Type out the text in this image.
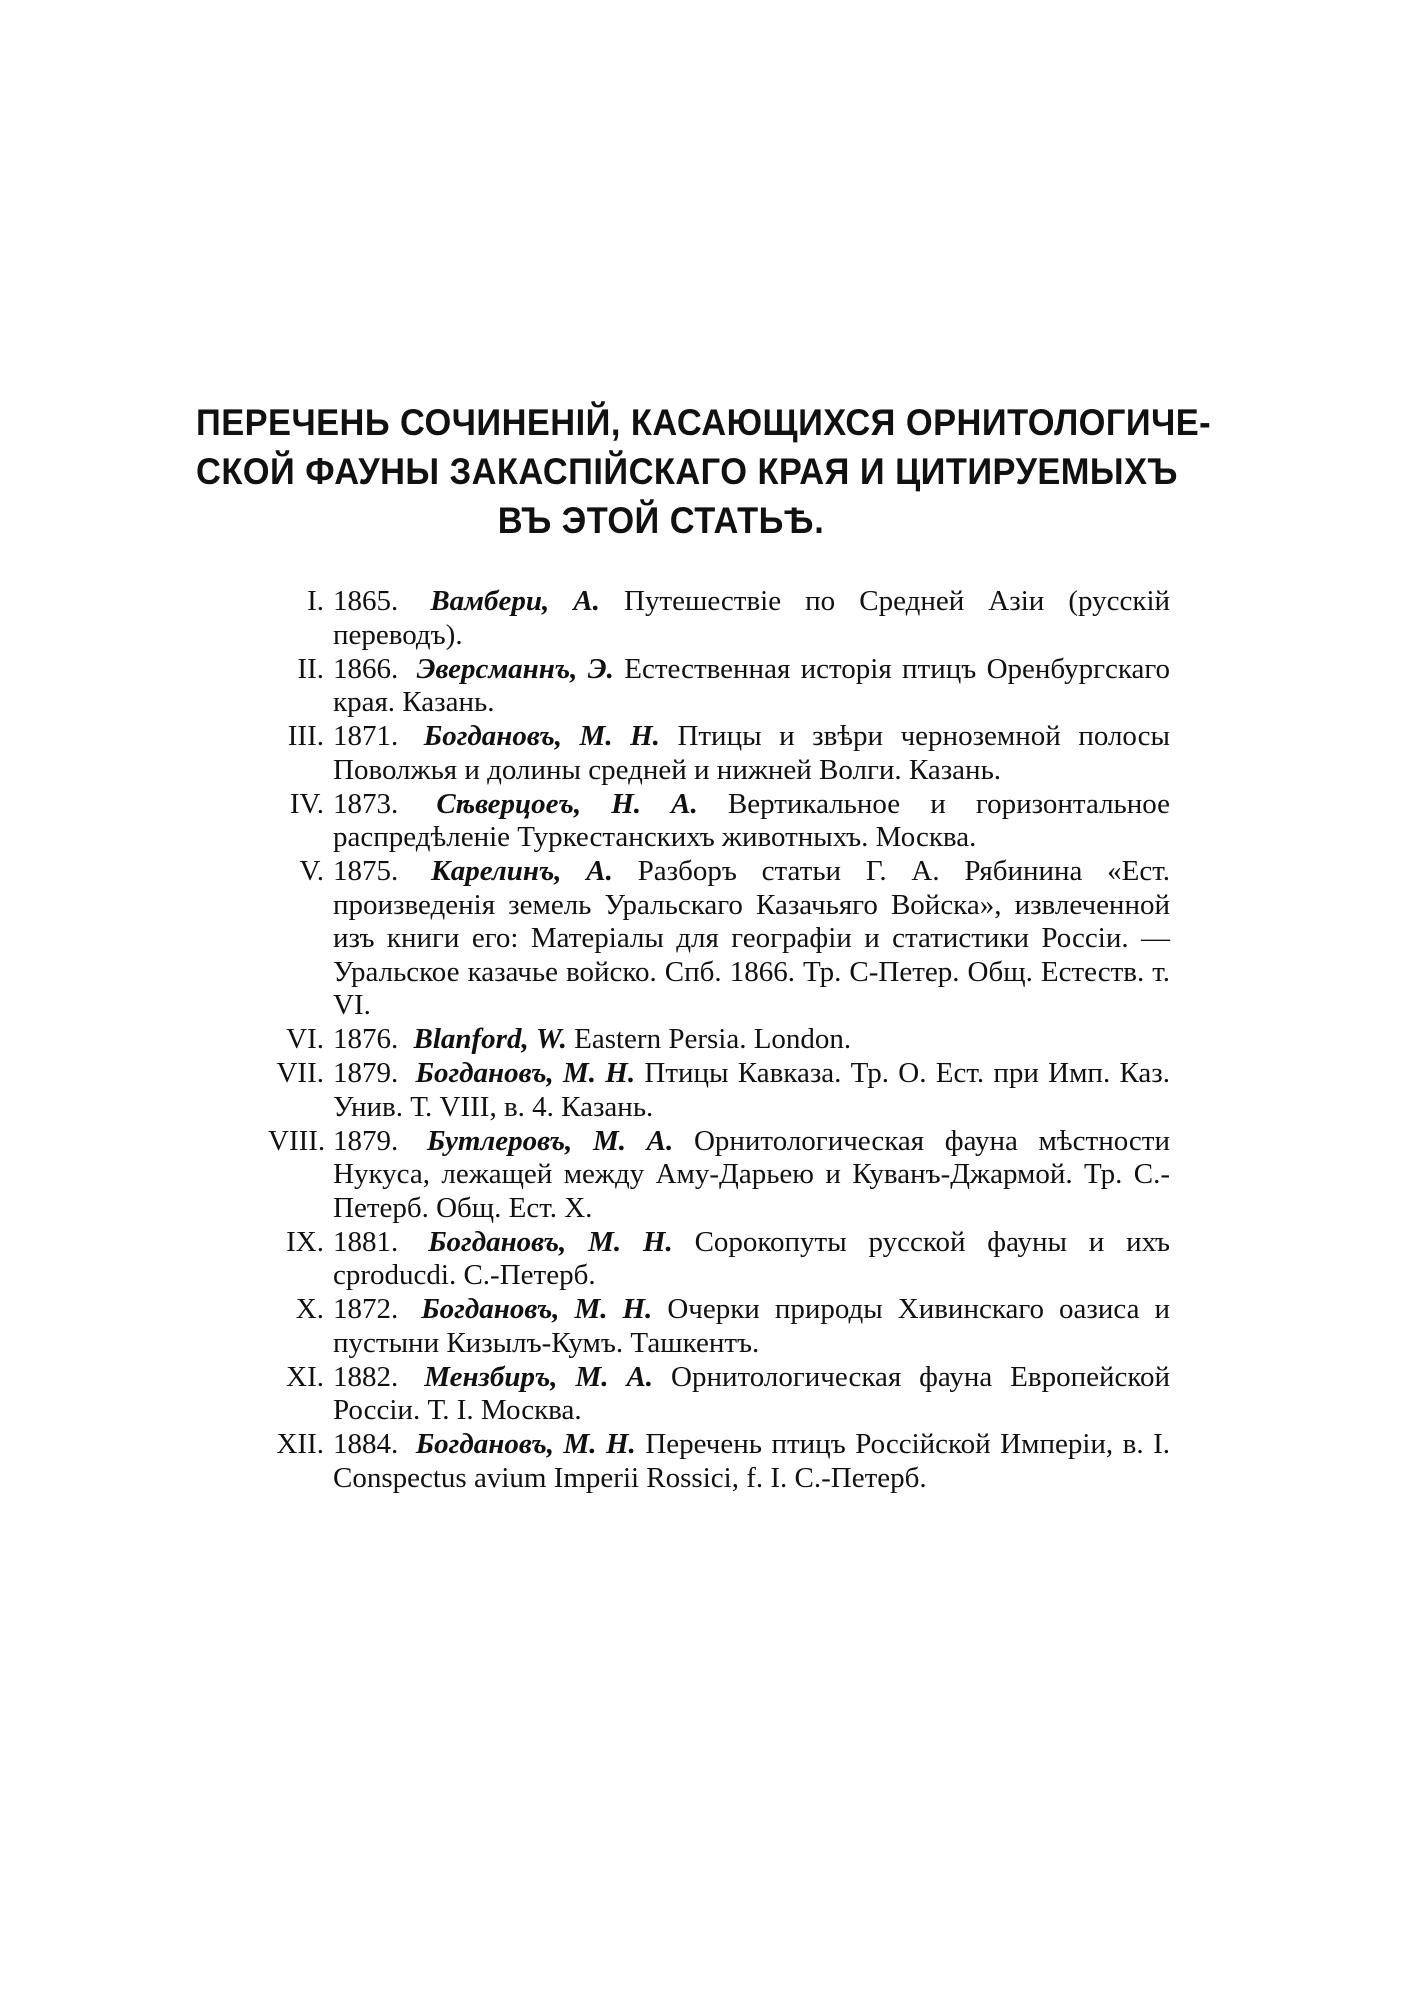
ПЕРЕЧЕНЬ СОЧИНЕНІЙ, КАСАЮЩИХСЯ ОРНИТОЛОГИЧЕ-
СКОЙ ФАУНЫ ЗАКАСПІЙСКАГО КРАЯ И ЦИТИРУЕМЫХЪ
ВЪ ЭТОЙ СТАТЬѢ.
I. 1865. Вамбери, А. Путешествіе по Средней Азіи (русскій переводъ).
II. 1866. Эверсманнъ, Э. Естественная исторія птицъ Оренбургскаго края. Казань.
III. 1871. Богдановъ, М. Н. Птицы и звѣри черноземной полосы Поволжья и долины средней и нижней Волги. Казань.
IV. 1873. Сѣверцоеъ, Н. А. Вертикальное и горизонтальное распредѣленіе Туркестанскихъ животныхъ. Москва.
V. 1875. Карелинъ, А. Разборъ статьи Г. А. Рябинина «Ест. произведенія земель Уральскаго Казачьяго Войска», извлеченной изъ книги его: Матеріалы для географіи и статистики Россіи. — Уральское казачье войско. Спб. 1866. Тр. С-Петер. Общ. Естеств. т. VI.
VI. 1876. Blanford, W. Eastern Persia. London.
VII. 1879. Богдановъ, М. Н. Птицы Кавказа. Тр. О. Ест. при Имп. Каз. Унив. Т. VIII, в. 4. Казань.
VIII. 1879. Бутлеровъ, М. А. Орнитологическая фауна мѣстности Нукуса, лежащей между Аму-Дарьею и Куванъ-Джармой. Тр. С.-Петерб. Общ. Ест. X.
IX. 1881. Богдановъ, М. Н. Сорокопуты русской фауны и ихъ сproducdi. С.-Петерб.
X. 1872. Богдановъ, М. Н. Очерки природы Хивинскаго оазиса и пустыни Кизылъ-Кумъ. Ташкентъ.
XI. 1882. Мензбиръ, М. А. Орнитологическая фауна Европейской Россіи. Т. I. Москва.
XII. 1884. Богдановъ, М. Н. Перечень птицъ Россійской Имперіи, в. I. Conspectus avium Imperii Rossici, f. I. С.-Петерб.
